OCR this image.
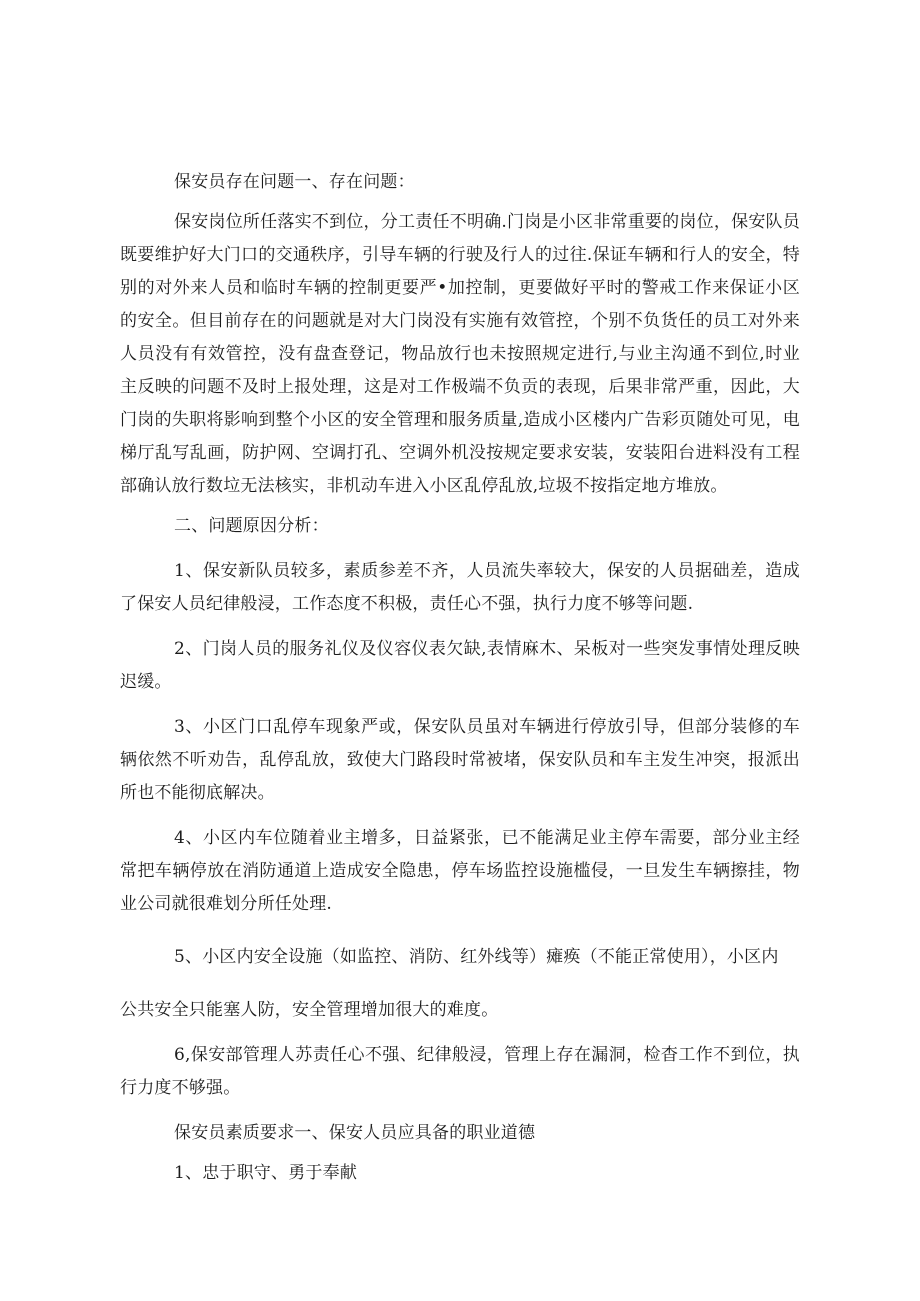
保安员存在问题一、存在问题：

保安岗位所任落实不到位，分工责任不明确.门岗是小区非常重要的岗位，保安队员既要维护好大门口的交通秩序，引导车辆的行驶及行人的过往.保证车辆和行人的安全，特别的对外来人员和临时车辆的控制更要严•加控制，更要做好平时的警戒工作来保证小区的安全。但目前存在的问题就是对大门岗没有实施有效管控，个别不负货任的员工对外来人员没有有效管控，没有盘查登记，物品放行也未按照规定进行,与业主沟通不到位,时业主反映的问题不及时上报处理，这是对工作极端不负贡的表现，后果非常严重，因此，大门岗的失职将影响到整个小区的安全管理和服务质量,造成小区楼内广告彩页随处可见，电梯厅乱写乱画，防护网、空调打孔、空调外机没按规定要求安装，安装阳台进料没有工程部确认放行数垃无法核实，非机动车进入小区乱停乱放,垃圾不按指定地方堆放。

二、问题原因分析：

1、保安新队员较多，素质参差不齐，人员流失率较大，保安的人员据础差，造成了保安人员纪律般浸，工作态度不积极，责任心不强，执行力度不够等问题.

2、门岗人员的服务礼仪及仪容仪表欠缺,表情麻木、呆板对一些突发事情处理反映迟缓。

3、小区门口乱停车现象严或，保安队员虽对车辆进行停放引导，但部分装修的车辆依然不听劝告，乱停乱放，致使大门路段时常被堵，保安队员和车主发生冲突，报派出所也不能彻底解决。

4、小区内车位随着业主增多，日益紧张，已不能满足业主停车需要，部分业主经常把车辆停放在消防通道上造成安全隐患，停车场监控设施槛侵，一旦发生车辆擦挂，物业公司就很难划分所任处理.

5、小区内安全设施（如监控、消防、红外线等）瘫痪（不能正常使用），小区内

公共安全只能塞人防，安全管理增加很大的难度。

6,保安部管理人苏责任心不强、纪律般浸，管理上存在漏洞，检杳工作不到位，执行力度不够强。

保安员素质要求一、保安人员应具备的职业道德

1、忠于职守、勇于奉献
